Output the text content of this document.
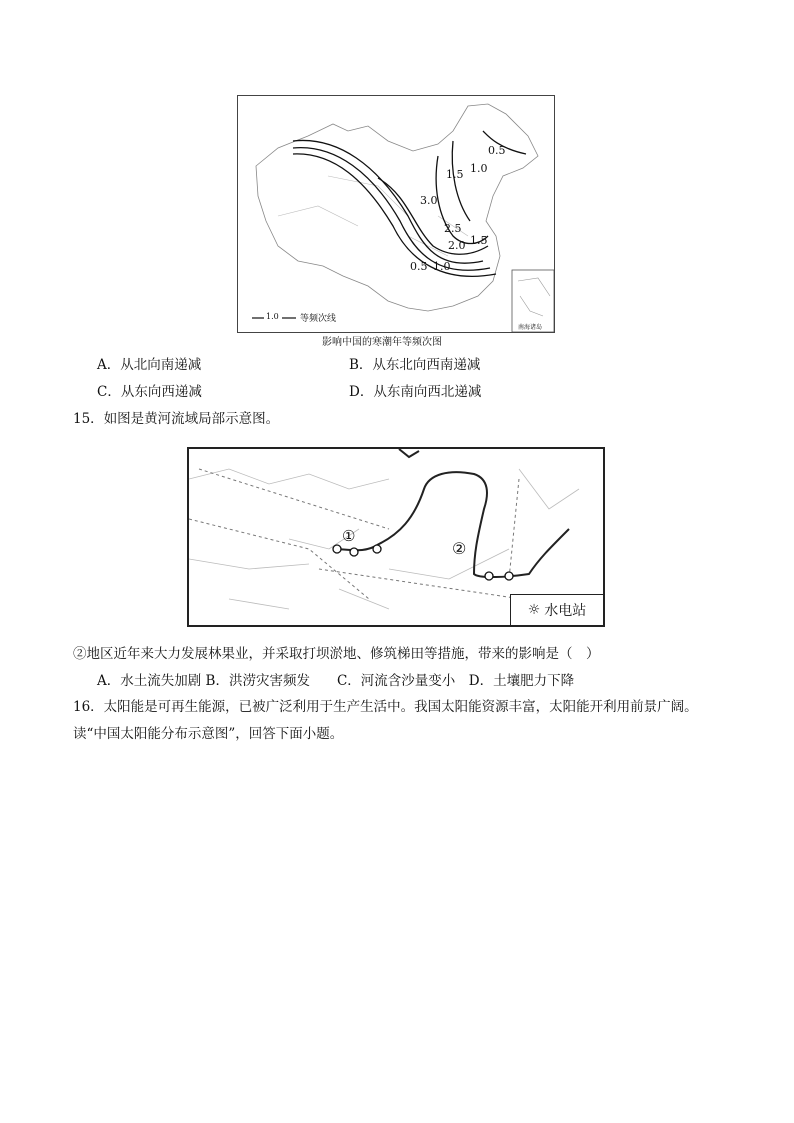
0.5
1.0
1.5
3.0
2.5
2.0 1.5
0.5 1.0
1.0 等频次线
南海诸岛
影响中国的寒潮年等频次图
A．从北向南递减	B．从东北向西南递减
C．从东向西递减	D．从东南向西北递减
15．如图是黄河流域局部示意图。
①
②
☼ 水电站
②地区近年来大力发展林果业，并采取打坝淤地、修筑梯田等措施，带来的影响是（　）
A．水土流失加剧 B．洪涝灾害频发　　C．河流含沙量变小　D．土壤肥力下降
16．太阳能是可再生能源，已被广泛利用于生产生活中。我国太阳能资源丰富，太阳能开利用前景广阔。
读“中国太阳能分布示意图”，回答下面小题。
